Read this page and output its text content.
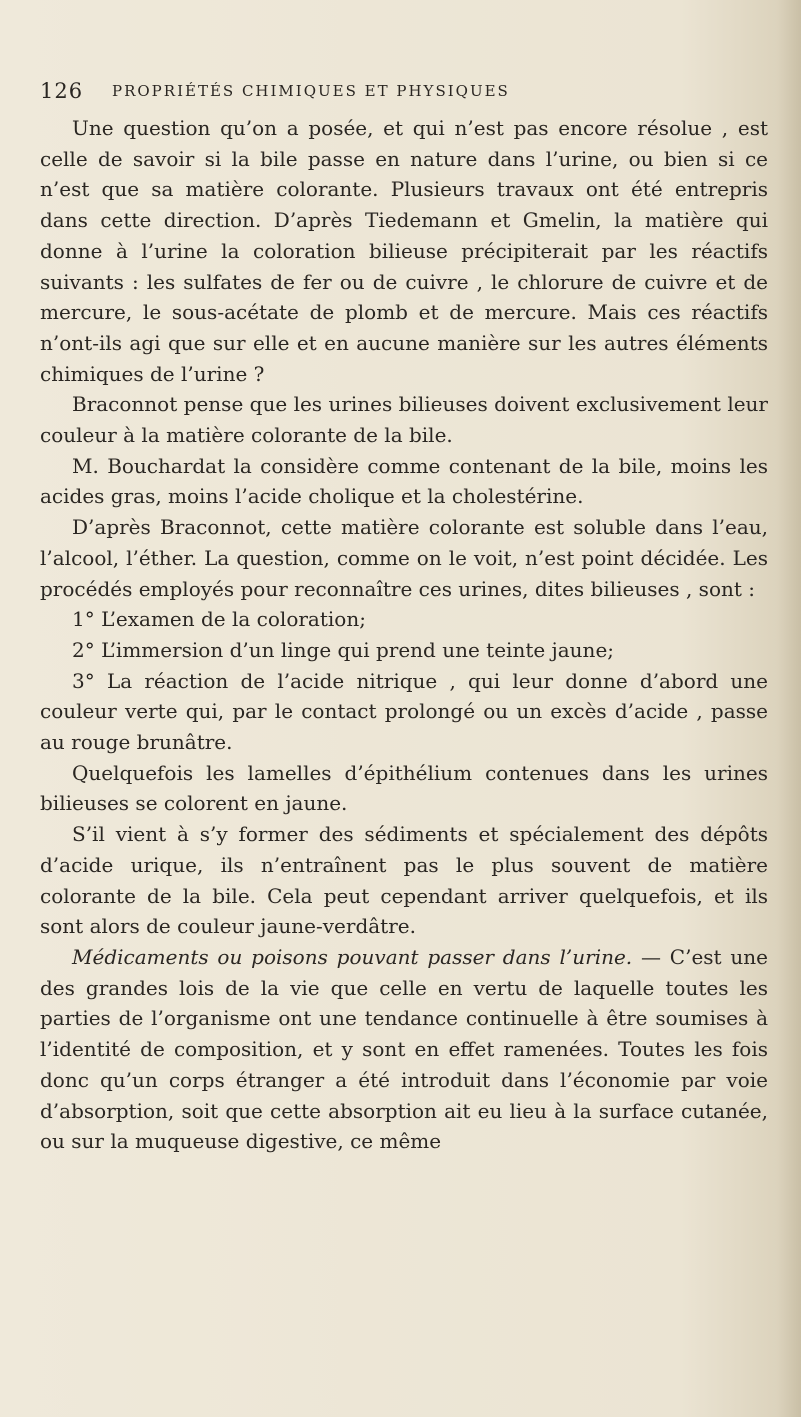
126 PROPRIÉTÉS CHIMIQUES ET PHYSIQUES

Une question qu’on a posée, et qui n’est pas encore résolue , est celle de savoir si la bile passe en nature dans l’urine, ou bien si ce n’est que sa matière colorante. Plusieurs travaux ont été entrepris dans cette direction. D’après Tiedemann et Gmelin, la matière qui donne à l’urine la coloration bilieuse précipiterait par les réactifs suivants : les sulfates de fer ou de cuivre , le chlorure de cuivre et de mercure, le sous-acétate de plomb et de mercure. Mais ces réactifs n’ont-ils agi que sur elle et en aucune manière sur les autres éléments chimiques de l’urine ?

Braconnot pense que les urines bilieuses doivent exclusivement leur couleur à la matière colorante de la bile.

M. Bouchardat la considère comme contenant de la bile, moins les acides gras, moins l’acide cholique et la cholestérine.

D’après Braconnot, cette matière colorante est soluble dans l’eau, l’alcool, l’éther. La question, comme on le voit, n’est point décidée. Les procédés employés pour reconnaître ces urines, dites bilieuses , sont :

1° L’examen de la coloration;

2° L’immersion d’un linge qui prend une teinte jaune;

3° La réaction de l’acide nitrique , qui leur donne d’abord une couleur verte qui, par le contact prolongé ou un excès d’acide , passe au rouge brunâtre.

Quelquefois les lamelles d’épithélium contenues dans les urines bilieuses se colorent en jaune.

S’il vient à s’y former des sédiments et spécialement des dépôts d’acide urique, ils n’entraînent pas le plus souvent de matière colorante de la bile. Cela peut cependant arriver quelquefois, et ils sont alors de couleur jaune-verdâtre.

Médicaments ou poisons pouvant passer dans l’urine. — C’est une des grandes lois de la vie que celle en vertu de laquelle toutes les parties de l’organisme ont une tendance continuelle à être soumises à l’identité de composition, et y sont en effet ramenées. Toutes les fois donc qu’un corps étranger a été introduit dans l’économie par voie d’absorption, soit que cette absorption ait eu lieu à la surface cutanée, ou sur la muqueuse digestive, ce même
